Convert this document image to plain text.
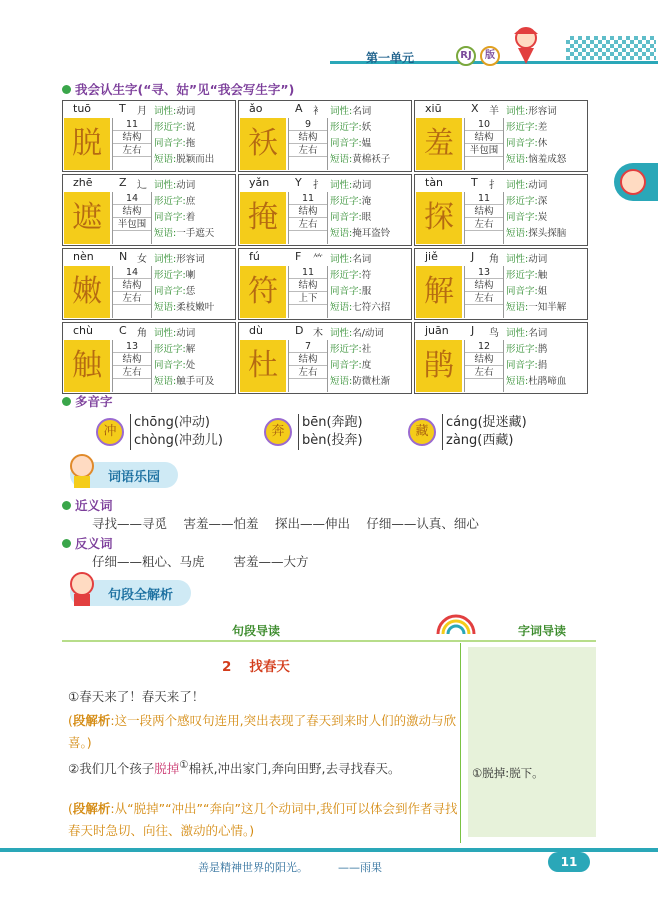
第一单元	RJ	版
我会认生字(“寻、姑”见“我会写生字”)
tuō	T 月
脱
11
结构
左右
词性:动词
形近字:说
同音字:拖
短语:脱颖而出
ǎo	A 衤
袄
9
结构
左右
词性:名词
形近字:妖
同音字:媪
短语:黄棉袄子
xiū	X 羊
羞
10
结构
半包围
词性:形容词
形近字:差
同音字:休
短语:恼羞成怒
zhē Z 辶
遮
14
结构
半包围
词性:动词
形近字:庶
同音字:着
短语:一手遮天
yǎn Y 扌
掩
11
结构
左右
词性:动词
形近字:淹
同音字:眼
短语:掩耳盗铃
tàn	T 扌
探
11
结构
左右
词性:动词
形近字:深
同音字:炭
短语:探头探脑
nèn N 女
嫩
14
结构
左右
词性:形容词
形近字:喇
同音字:恁
短语:柔枝嫩叶
fú	F ⺮
符
11
结构
上下
词性:名词
形近字:符
同音字:服
短语:七符六招
jiě	J 角
解
13
结构
左右
词性:动词
形近字:触
同音字:姐
短语:一知半解
chù C 角
触
13
结构
左右
词性:动词
形近字:解
同音字:处
短语:触手可及
dù	D 木
杜
7
结构
左右
词性:名/动词
形近字:社
同音字:度
短语:防微杜渐
juān J 鸟
鹃
12
结构
左右
词性:名词
形近字:鹊
同音字:捐
短语:杜鹃啼血
多音字
冲
chōng(冲动)
chòng(冲劲儿)
奔
bēn(奔跑)
bèn(投奔)
藏
cáng(捉迷藏)
zàng(西藏)
词语乐园
近义词
寻找——寻觅　 害羞——怕羞　 探出——伸出　 仔细——认真、细心
反义词
仔细——粗心、马虎　　 害羞——大方
句段全解析
句段导读	字词导读
①脱掉:脱下。
2 找春天
①春天来了！春天来了！
(段解析:这一段两个感叹句连用,突出表现了春天到来时人们的激动与欣喜。)
②我们几个孩子脱掉①棉袄,冲出家门,奔向田野,去寻找春天。
(段解析:从“脱掉”“冲出”“奔向”这几个动词中,我们可以体会到作者寻找春天时急切、向往、激动的心情。)
善是精神世界的阳光。	——雨果	11
